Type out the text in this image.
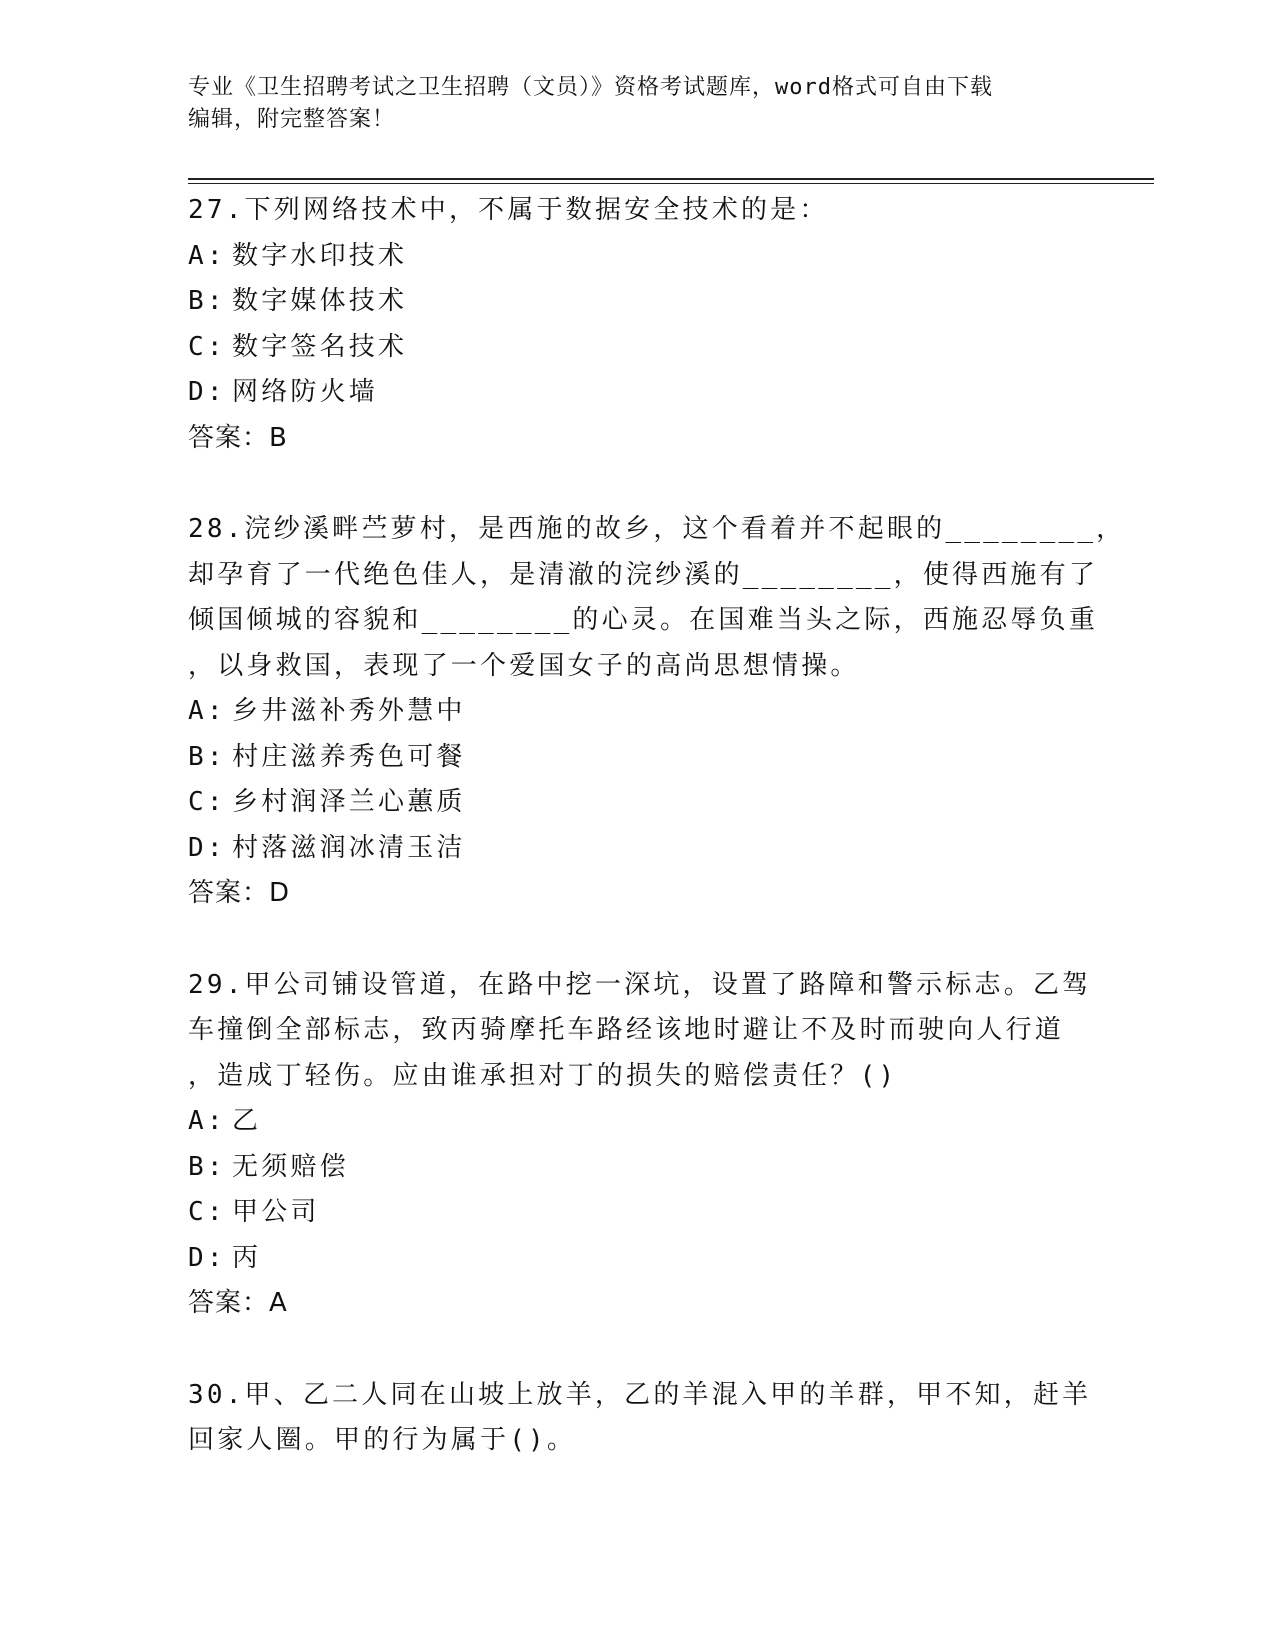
专业《卫生招聘考试之卫生招聘（文员）》资格考试题库，word格式可自由下载
编辑，附完整答案！
27.下列网络技术中，不属于数据安全技术的是：
A: 数字水印技术
B: 数字媒体技术
C: 数字签名技术
D: 网络防火墙
答案：B
28.浣纱溪畔苎萝村，是西施的故乡，这个看着并不起眼的________，
却孕育了一代绝色佳人，是清澈的浣纱溪的________，使得西施有了
倾国倾城的容貌和________的心灵。在国难当头之际，西施忍辱负重
，以身救国，表现了一个爱国女子的高尚思想情操。
A: 乡井滋补秀外慧中
B: 村庄滋养秀色可餐
C: 乡村润泽兰心蕙质
D: 村落滋润冰清玉洁
答案：D
29.甲公司铺设管道，在路中挖一深坑，设置了路障和警示标志。乙驾
车撞倒全部标志，致丙骑摩托车路经该地时避让不及时而驶向人行道
，造成丁轻伤。应由谁承担对丁的损失的赔偿责任？()
A: 乙
B: 无须赔偿
C: 甲公司
D: 丙
答案：A
30.甲、乙二人同在山坡上放羊，乙的羊混入甲的羊群，甲不知，赶羊
回家人圈。甲的行为属于()。
